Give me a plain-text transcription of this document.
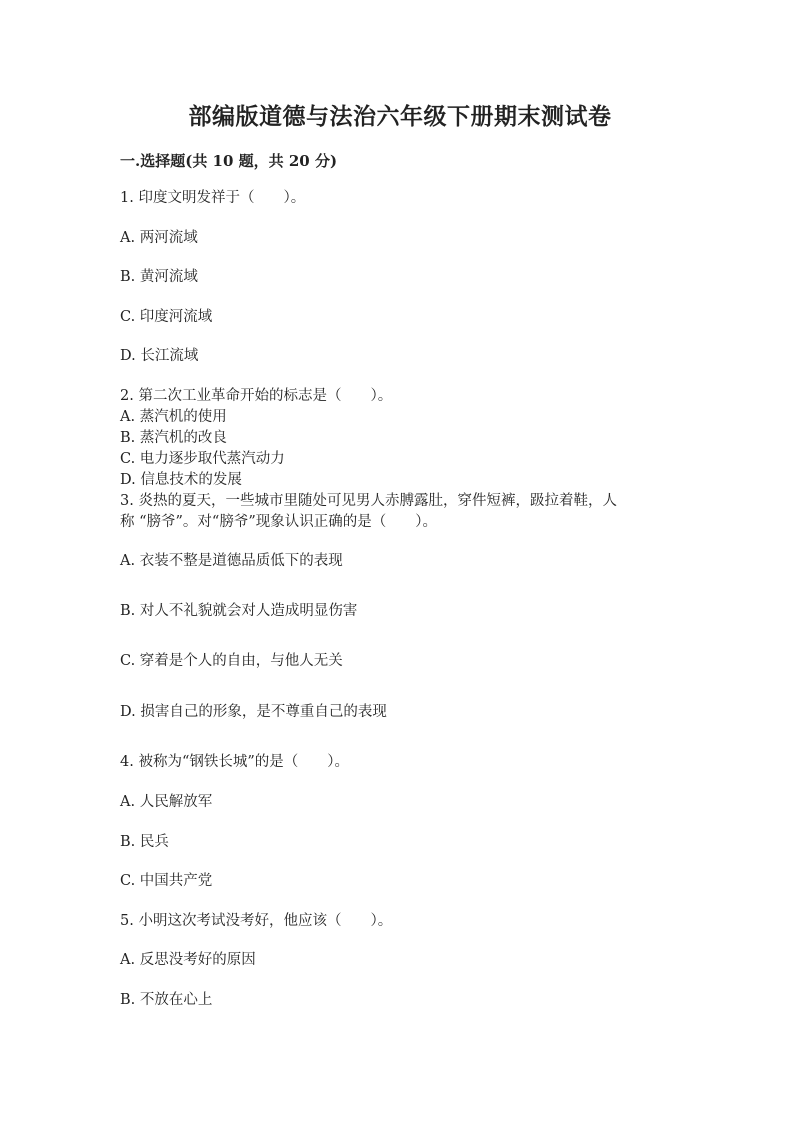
部编版道德与法治六年级下册期末测试卷
一.选择题(共 10 题，共 20 分)
1. 印度文明发祥于（　　）。
A. 两河流域
B. 黄河流域
C. 印度河流域
D. 长江流域
2. 第二次工业革命开始的标志是（　　）。
A. 蒸汽机的使用
B. 蒸汽机的改良
C. 电力逐步取代蒸汽动力
D. 信息技术的发展
3. 炎热的夏天，一些城市里随处可见男人赤膊露肚，穿件短裤，趿拉着鞋，人
称 “膀爷”。对“膀爷”现象认识正确的是（　　）。
A. 衣装不整是道德品质低下的表现
B. 对人不礼貌就会对人造成明显伤害
C. 穿着是个人的自由，与他人无关
D. 损害自己的形象，是不尊重自己的表现
4. 被称为“钢铁长城”的是（　　）。
A. 人民解放军
B. 民兵
C. 中国共产党
5. 小明这次考试没考好，他应该（　　）。
A. 反思没考好的原因
B. 不放在心上
